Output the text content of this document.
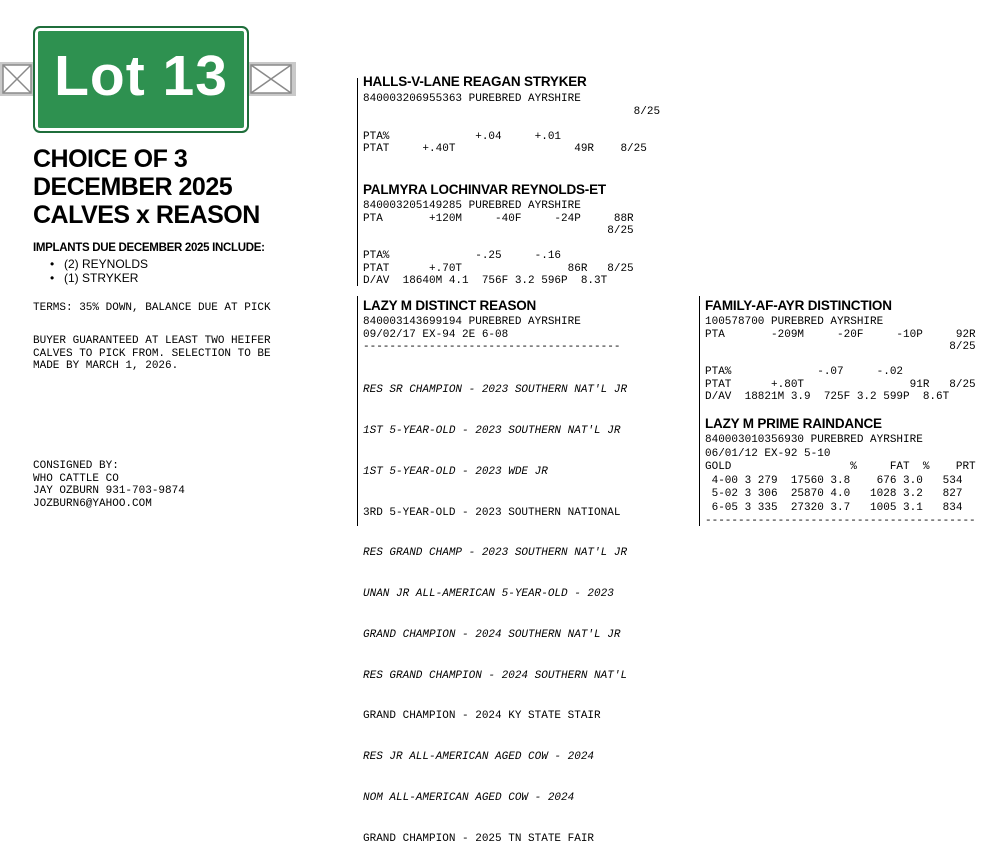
Lot 13
CHOICE OF 3
DECEMBER 2025
CALVES x REASON
IMPLANTS DUE DECEMBER 2025 INCLUDE:
• (2) REYNOLDS
• (1) STRYKER
TERMS: 35% DOWN, BALANCE DUE AT PICK
BUYER GUARANTEED AT LEAST TWO HEIFER
CALVES TO PICK FROM. SELECTION TO BE
MADE BY MARCH 1, 2026.
CONSIGNED BY:
WHO CATTLE CO
JAY OZBURN 931-703-9874
JOZBURN6@YAHOO.COM
HALLS-V-LANE REAGAN STRYKER
840003206955363 PUREBRED AYRSHIRE
8/25

PTA%             +.04     +.01
PTAT     +.40T                  49R    8/25
PALMYRA LOCHINVAR REYNOLDS-ET
840003205149285 PUREBRED AYRSHIRE
PTA       +120M     -40F     -24P     88R
8/25

PTA%             -.25     -.16
PTAT      +.70T                86R   8/25
D/AV  18640M 4.1  756F 3.2 596P  8.3T
LAZY M DISTINCT REASON
840003143699194 PUREBRED AYRSHIRE
09/02/17 EX-94 2E 6-08
---------------------------------------

RES SR CHAMPION - 2023 SOUTHERN NAT'L JR

1ST 5-YEAR-OLD - 2023 SOUTHERN NAT'L JR

1ST 5-YEAR-OLD - 2023 WDE JR

3RD 5-YEAR-OLD - 2023 SOUTHERN NATIONAL

RES GRAND CHAMP - 2023 SOUTHERN NAT'L JR

UNAN JR ALL-AMERICAN 5-YEAR-OLD - 2023

GRAND CHAMPION - 2024 SOUTHERN NAT'L JR

RES GRAND CHAMPION - 2024 SOUTHERN NAT'L

GRAND CHAMPION - 2024 KY STATE STAIR

RES JR ALL-AMERICAN AGED COW - 2024

NOM ALL-AMERICAN AGED COW - 2024

GRAND CHAMPION - 2025 TN STATE FAIR

FAMILY-AF-AYR DISTINCTION
100578700 PUREBRED AYRSHIRE
PTA       -209M     -20F     -10P     92R
8/25

PTA%             -.07     -.02
PTAT      +.80T                91R   8/25
D/AV  18821M 3.9  725F 3.2 599P  8.6T
LAZY M PRIME RAINDANCE
840003010356930 PUREBRED AYRSHIRE
06/01/12 EX-92 5-10
GOLD                  %     FAT  %    PRT
4-00 3 279  17560 3.8    676 3.0   534
5-02 3 306  25870 4.0   1028 3.2   827
6-05 3 335  27320 3.7   1005 3.1   834
-----------------------------------------
